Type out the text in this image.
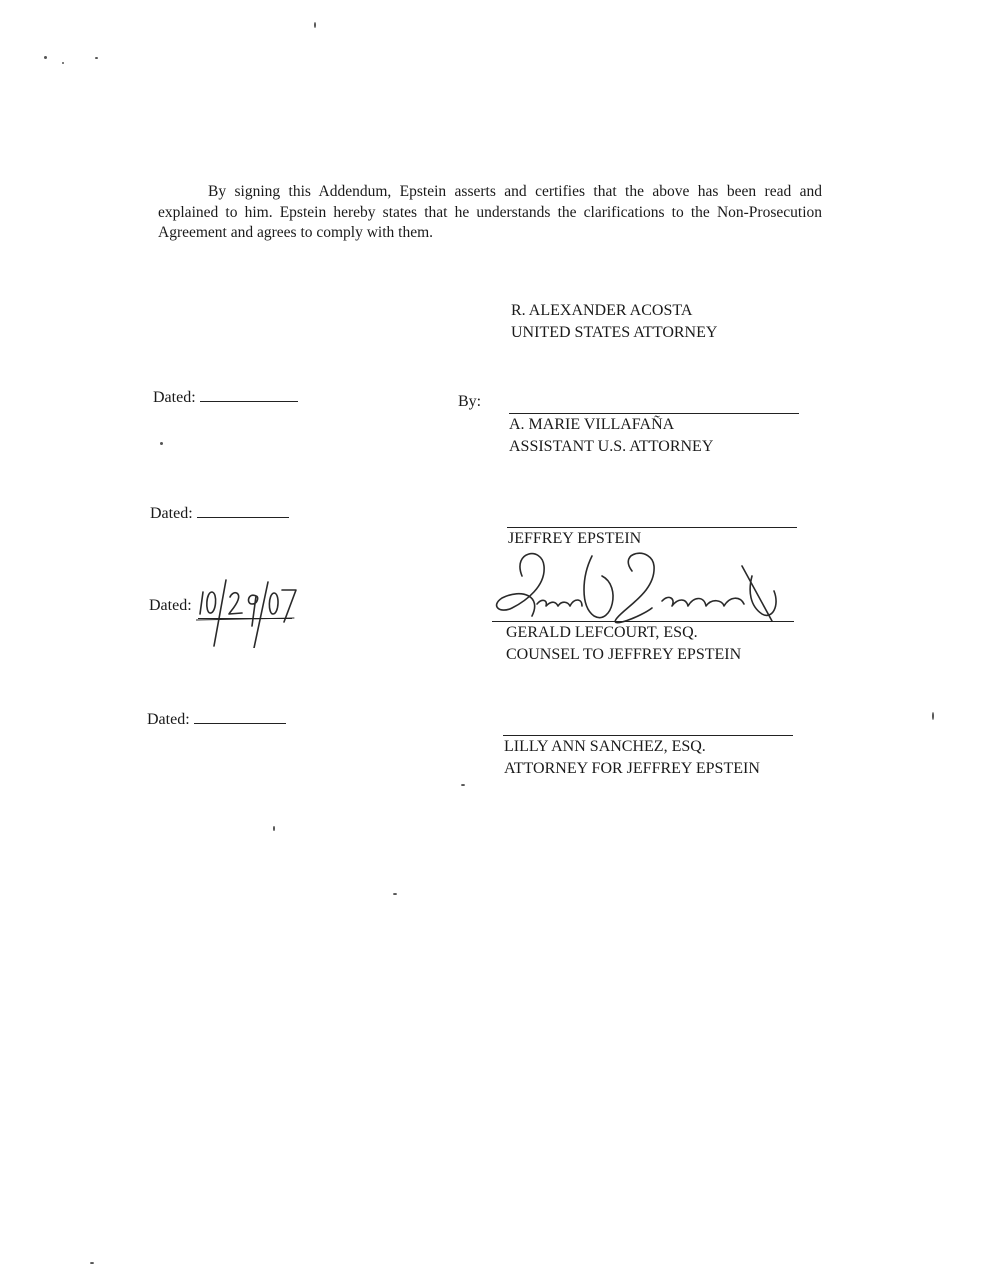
By signing this Addendum, Epstein asserts and certifies that the above has been read and explained to him. Epstein hereby states that he understands the clarifications to the Non-Prosecution Agreement and agrees to comply with them.
R. ALEXANDER ACOSTA
UNITED STATES ATTORNEY
Dated:	By:
A. MARIE VILLAFAÑA
ASSISTANT U.S. ATTORNEY
Dated:
JEFFREY EPSTEIN
Dated:
GERALD LEFCOURT, ESQ.
COUNSEL TO JEFFREY EPSTEIN
Dated:
LILLY ANN SANCHEZ, ESQ.
ATTORNEY FOR JEFFREY EPSTEIN
